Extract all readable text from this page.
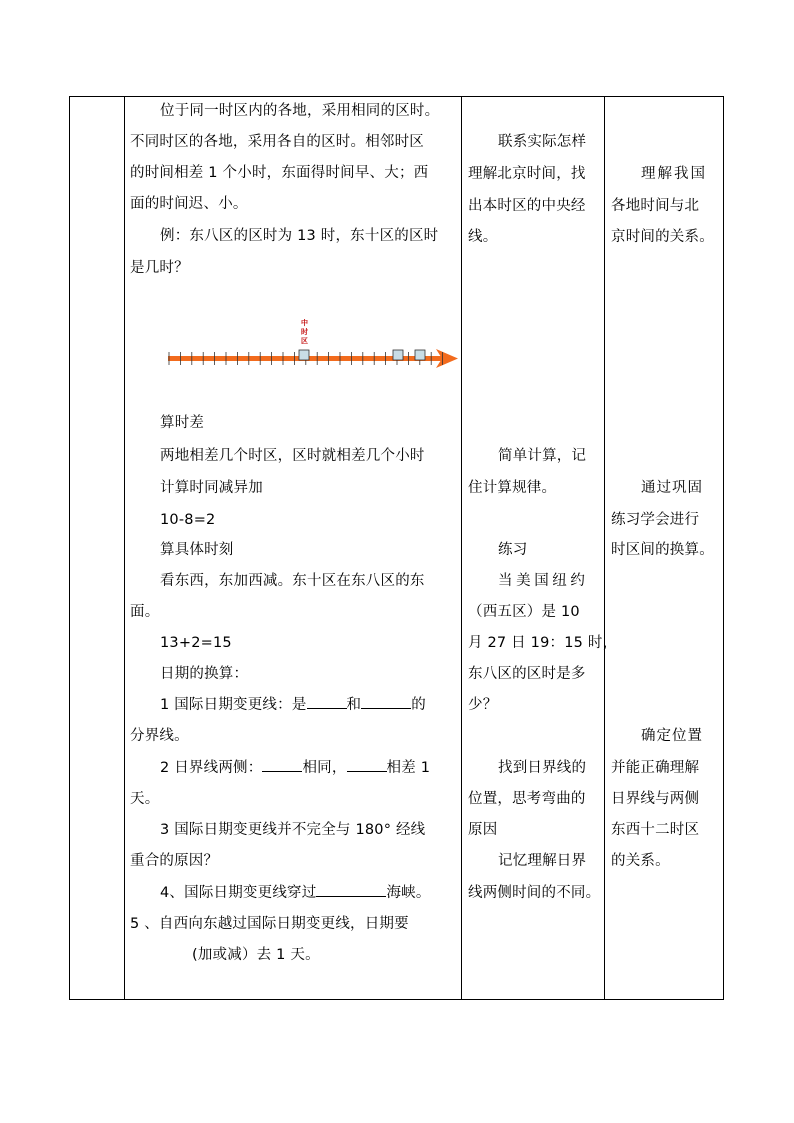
位于同一时区内的各地，采用相同的区时。
不同时区的各地，采用各自的区时。相邻时区
的时间相差 1 个小时，东面得时间早、大；西
面的时间迟、小。
例：东八区的区时为 13 时，东十区的区时
是几时？
中
时
区
算时差
两地相差几个时区，区时就相差几个小时
计算时同减异加
10-8=2
算具体时刻
看东西，东加西减。东十区在东八区的东
面。
13+2=15
日期的换算：
1 国际日期变更线：是	和	的
分界线。
2 日界线两侧：	相同，	相差 1
天。
3 国际日期变更线并不完全与 180° 经线
重合的原因？
4、国际日期变更线穿过	海峡。
5 、自西向东越过国际日期变更线，日期要
(加或减）去 1 天。
联系实际怎样
理解北京时间，找
出本时区的中央经
线。
简单计算，记
住计算规律。
练习
当美国纽约
（西五区）是 10
月 27 日 19：15 时，
东八区的区时是多
少？
找到日界线的
位置，思考弯曲的
原因
记忆理解日界
线两侧时间的不同。
理解我国
各地时间与北
京时间的关系。
通过巩固
练习学会进行
时区间的换算。
确定位置
并能正确理解
日界线与两侧
东西十二时区
的关系。
